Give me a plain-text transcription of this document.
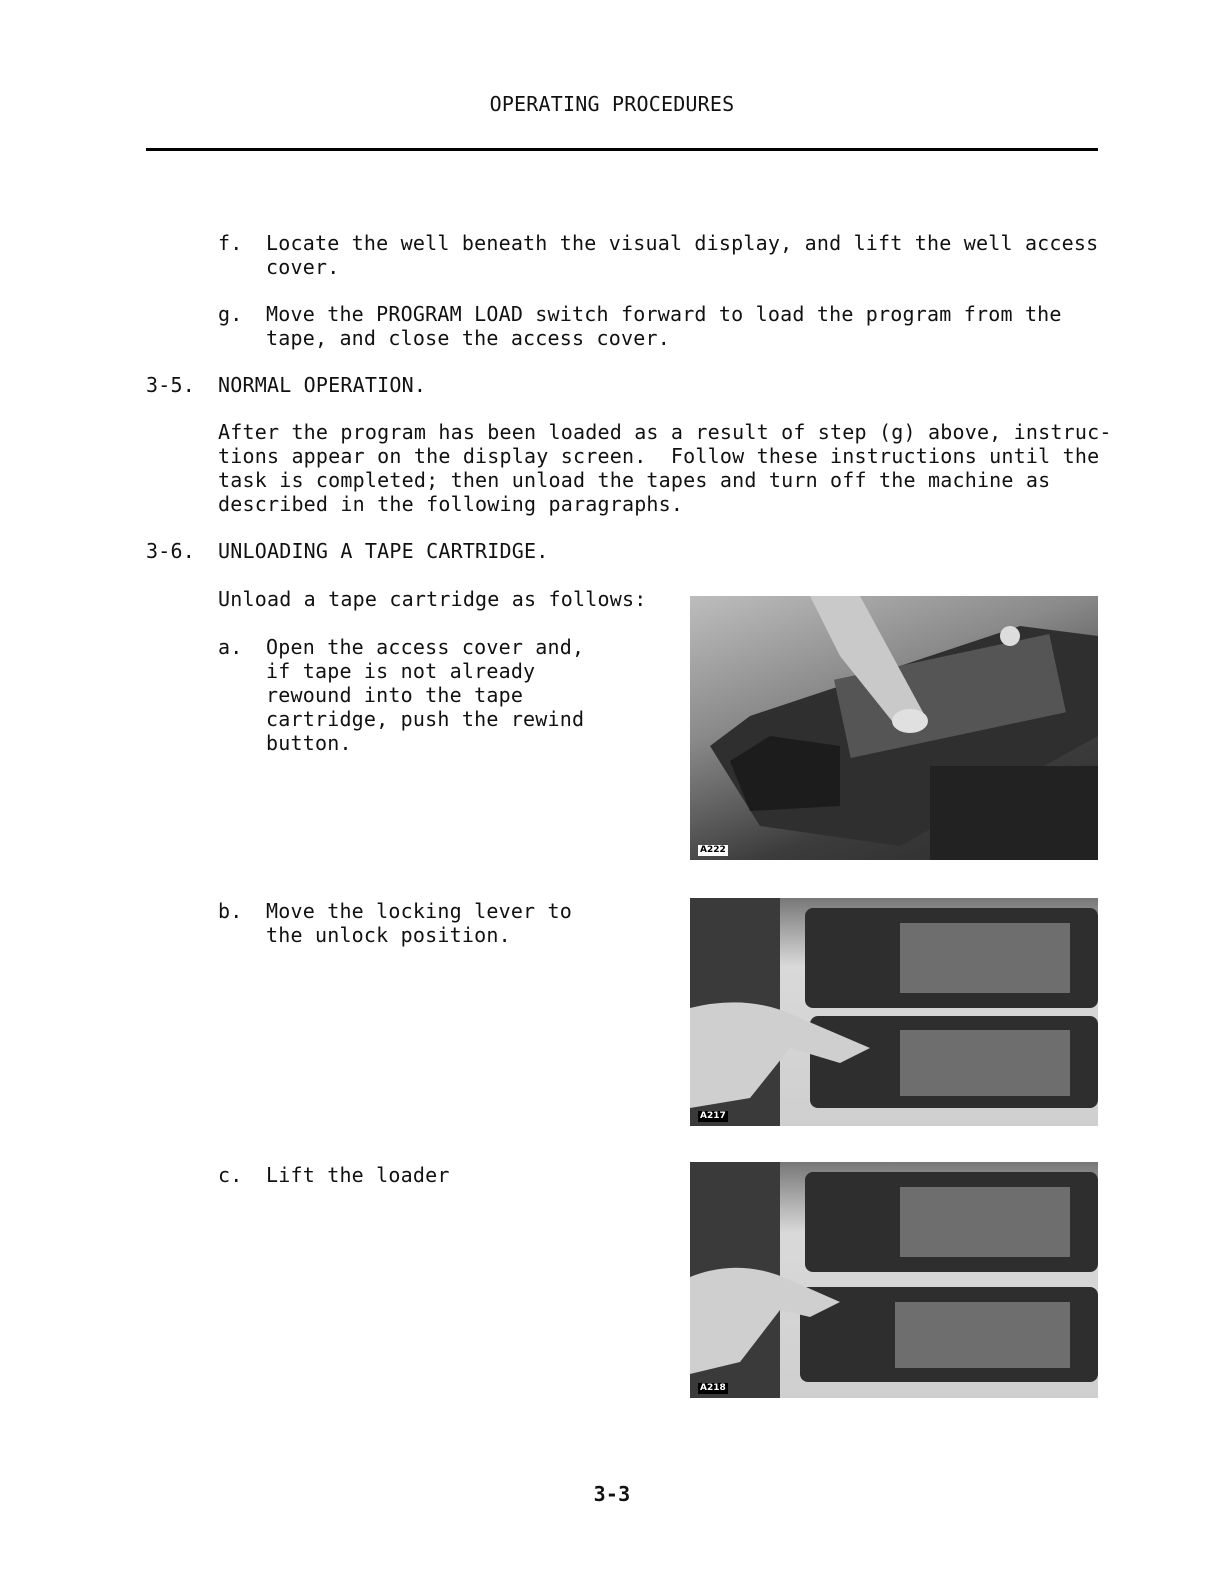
OPERATING PROCEDURES
f. Locate the well beneath the visual display, and lift the well access
cover.
g. Move the PROGRAM LOAD switch forward to load the program from the
tape, and close the access cover.
3-5. NORMAL OPERATION.
After the program has been loaded as a result of step (g) above, instruc-
tions appear on the display screen.  Follow these instructions until the
task is completed; then unload the tapes and turn off the machine as
described in the following paragraphs.
3-6. UNLOADING A TAPE CARTRIDGE.
Unload a tape cartridge as follows:
a. Open the access cover and,
if tape is not already
rewound into the tape
cartridge, push the rewind
button.
A222
b. Move the locking lever to
the unlock position.
A217
c. Lift the loader
A218
3-3
